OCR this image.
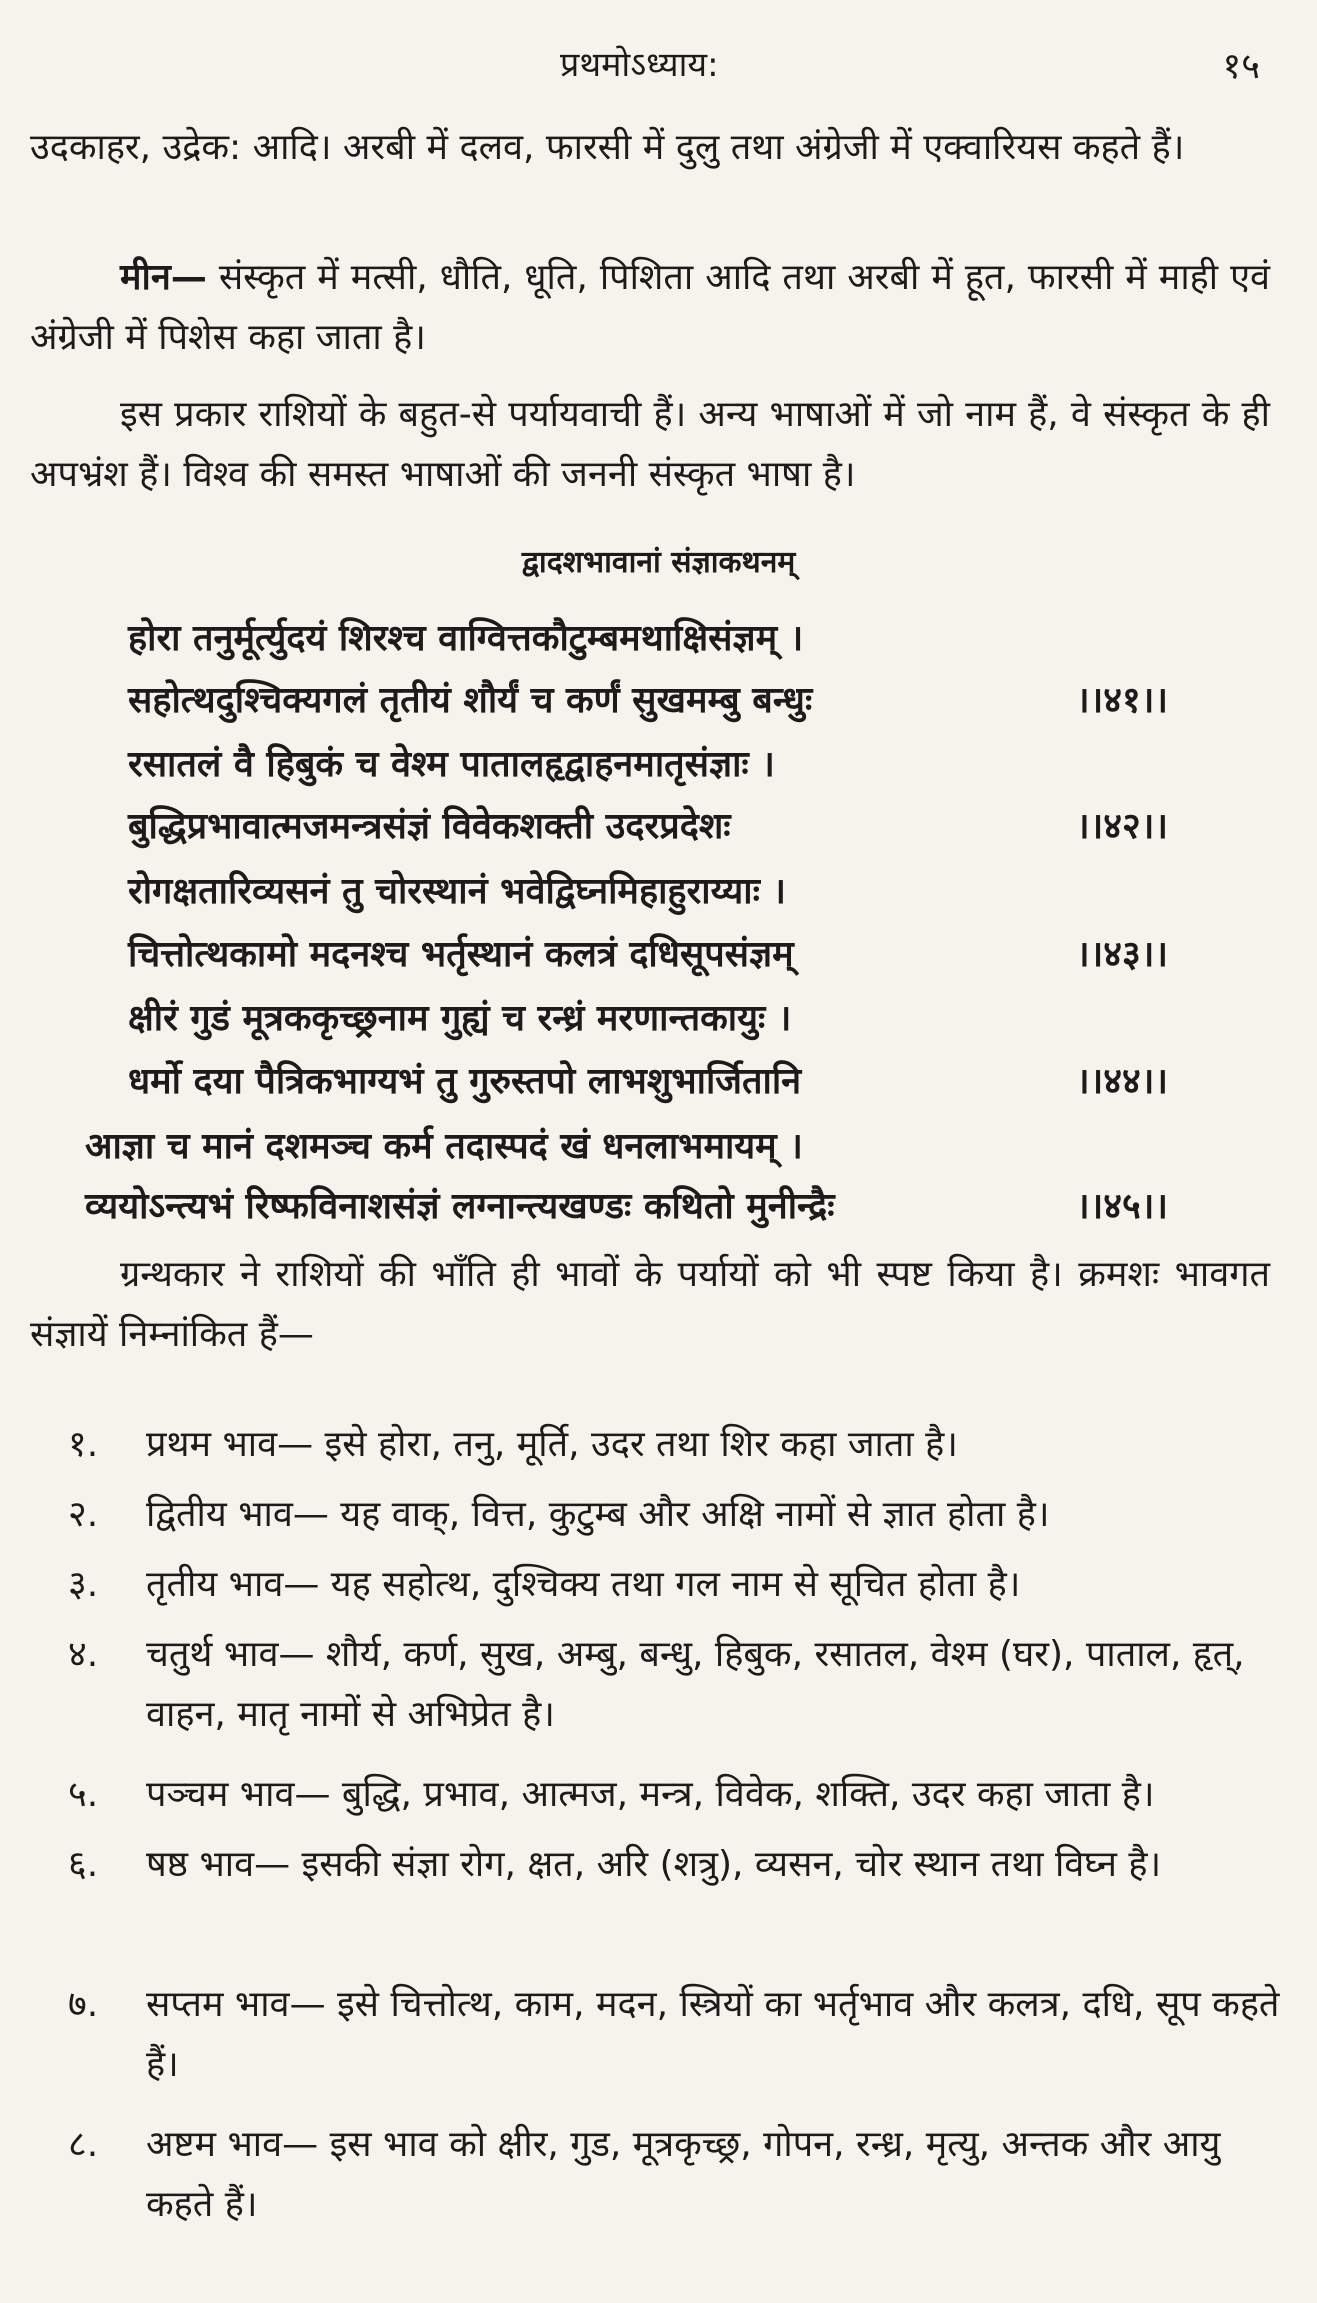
प्रथमोऽध्याय:	१५

उदकाहर, उद्रेक: आदि। अरबी में दलव, फारसी में दुलु तथा अंग्रेजी में एक्वारियस कहते हैं।

मीन— संस्कृत में मत्सी, धौति, धूति, पिशिता आदि तथा अरबी में हूत, फारसी में माही एवं अंग्रेजी में पिशेस कहा जाता है।

इस प्रकार राशियों के बहुत-से पर्यायवाची हैं। अन्य भाषाओं में जो नाम हैं, वे संस्कृत के ही अपभ्रंश हैं। विश्व की समस्त भाषाओं की जननी संस्कृत भाषा है।

द्वादशभावानां संज्ञाकथनम्
होरा तनुर्मूर्त्युदयं शिरश्च वाग्वित्तकौटुम्बमथाक्षिसंज्ञम् ।
सहोत्थदुश्चिक्यगलं तृतीयं शौर्यं च कर्णं सुखमम्बु बन्धुः	।।४१।।
रसातलं वै हिबुकं च वेश्म पातालहृद्वाहनमातृसंज्ञाः ।
बुद्धिप्रभावात्मजमन्त्रसंज्ञं विवेकशक्ती उदरप्रदेशः	।।४२।।
रोगक्षतारिव्यसनं तु चोरस्थानं भवेद्विघ्नमिहाहुराय्याः ।
चित्तोत्थकामो मदनश्च भर्तृस्थानं कलत्रं दधिसूपसंज्ञम्	।।४३।।
क्षीरं गुडं मूत्रककृच्छ्रनाम गुह्यं च रन्ध्रं मरणान्तकायुः ।
धर्मो दया पैत्रिकभाग्यभं तु गुरुस्तपो लाभशुभार्जितानि	।।४४।।
आज्ञा च मानं दशमञ्च कर्म तदास्पदं खं धनलाभमायम् ।
व्ययोऽन्त्यभं रिष्फविनाशसंज्ञं लग्नान्त्यखण्डः कथितो मुनीन्द्रैः	।।४५।।

ग्रन्थकार ने राशियों की भाँति ही भावों के पर्यायों को भी स्पष्ट किया है। क्रमशः भावगत संज्ञायें निम्नांकित हैं—

१. प्रथम भाव— इसे होरा, तनु, मूर्ति, उदर तथा शिर कहा जाता है।
२. द्वितीय भाव— यह वाक्, वित्त, कुटुम्ब और अक्षि नामों से ज्ञात होता है।
३. तृतीय भाव— यह सहोत्थ, दुश्चिक्य तथा गल नाम से सूचित होता है।
४. चतुर्थ भाव— शौर्य, कर्ण, सुख, अम्बु, बन्धु, हिबुक, रसातल, वेश्म (घर), पाताल, हृत्, वाहन, मातृ नामों से अभिप्रेत है।
५. पञ्चम भाव— बुद्धि, प्रभाव, आत्मज, मन्त्र, विवेक, शक्ति, उदर कहा जाता है।
६. षष्ठ भाव— इसकी संज्ञा रोग, क्षत, अरि (शत्रु), व्यसन, चोर स्थान तथा विघ्न है।
७. सप्तम भाव— इसे चित्तोत्थ, काम, मदन, स्त्रियों का भर्तृभाव और कलत्र, दधि, सूप कहते हैं।
८. अष्टम भाव— इस भाव को क्षीर, गुड, मूत्रकृच्छ्र, गोपन, रन्ध्र, मृत्यु, अन्तक और आयु कहते हैं।
